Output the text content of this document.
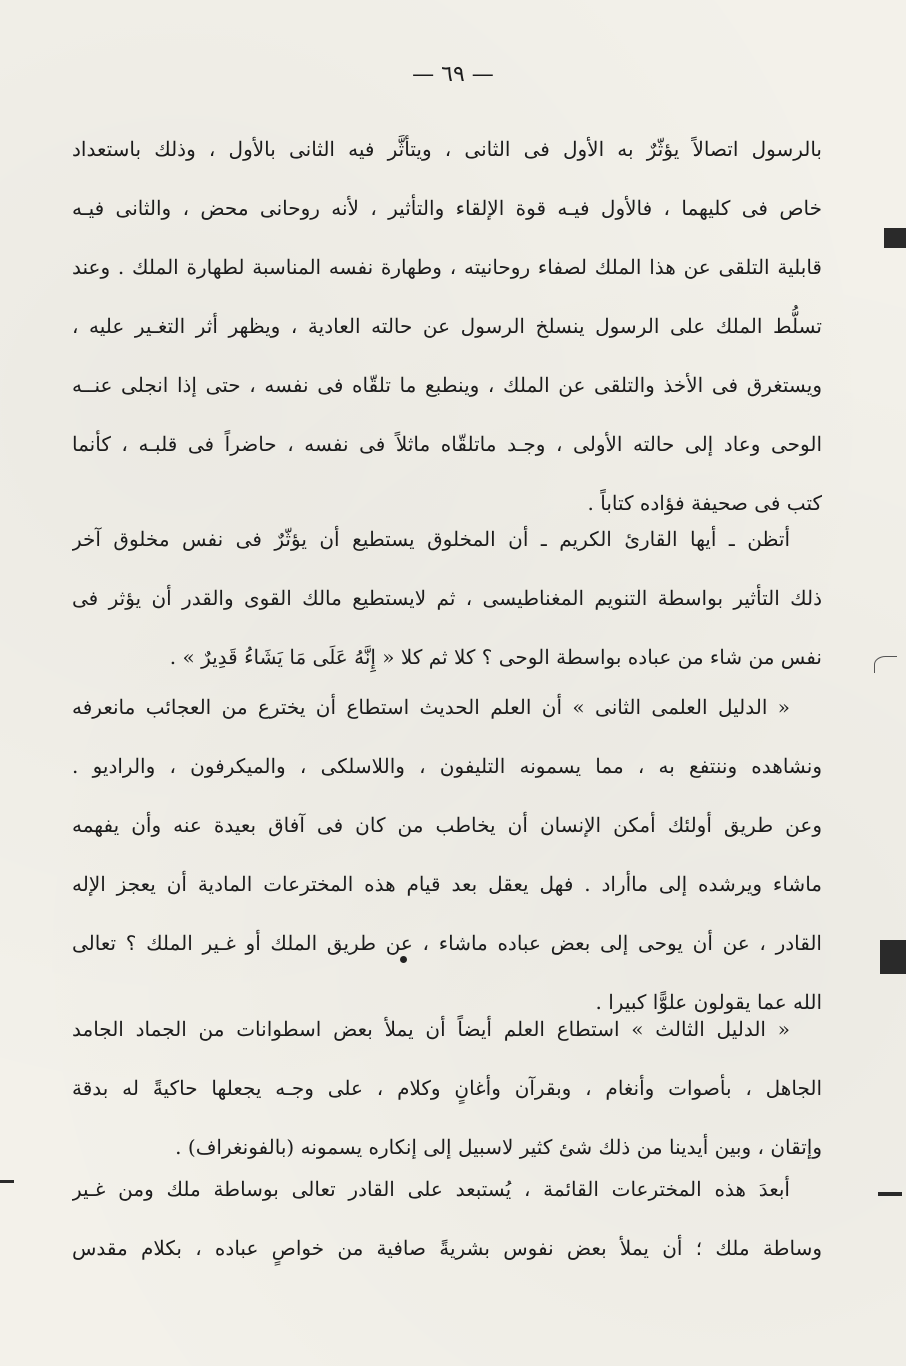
— ٦٩ —
بالرسول اتصالاً يؤثّرٌ به الأول فى الثانى ، ويتأثَّر فيه الثانى بالأول ، وذلك باستعداد
خاص فى كليهما ، فالأول فيـه قوة الإلقاء والتأثير ، لأنه روحانى محض ، والثانى فيـه
قابلية التلقى عن هذا الملك لصفاء روحانيته ، وطهارة نفسه المناسبة لطهارة الملك . وعند
تسلُّط الملك على الرسول ينسلخ الرسول عن حالته العادية ، ويظهر أثر التغـير عليه ،
ويستغرق فى الأخذ والتلقى عن الملك ، وينطبع ما تلقّاه فى نفسه ، حتى إذا انجلى عنــه
الوحى وعاد إلى حالته الأولى ، وجـد ماتلقّاه ماثلاً فى نفسه ، حاضراً فى قلبـه ، كأنما
كتب فى صحيفة فؤاده كتاباً .
أتظن ـ أيها القارئ الكريم ـ أن المخلوق يستطيع أن يؤثّرٌ فى نفس مخلوق آخر
ذلك التأثير بواسطة التنويم المغناطيسى ، ثم لايستطيع مالك القوى والقدر أن يؤثر فى
نفس من شاء من عباده بواسطة الوحى ؟ كلا ثم كلا « إِنَّهُ عَلَى مَا يَشَاءُ قَدِيرٌ » .
« الدليل العلمى الثانى » أن العلم الحديث استطاع أن يخترع من العجائب مانعرفه
ونشاهده وننتفع به ، مما يسمونه التليفون ، واللاسلكى ، والميكرفون ، والراديو .
وعن طريق أولئك أمكن الإنسان أن يخاطب من كان فى آفاق بعيدة عنه وأن يفهمه
ماشاء ويرشده إلى ماأراد . فهل يعقل بعد قيام هذه المخترعات المادية أن يعجز الإله
القادر ، عن أن يوحى إلى بعض عباده ماشاء ، عن طريق الملك أو غـير الملك ؟ تعالى
الله عما يقولون علوًّا كبيرا .
« الدليل الثالث » استطاع العلم أيضاً أن يملأ بعض اسطوانات من الجماد الجامد
الجاهل ، بأصوات وأنغام ، وبقرآن وأغانٍ وكلام ، على وجـه يجعلها حاكيةً له بدقة
وإتقان ، وبين أيدينا من ذلك شئ كثير لاسبيل إلى إنكاره يسمونه (بالفونغراف) .
أبعدَ هذه المخترعات القائمة ، يُستبعد على القادر تعالى بوساطة ملك ومن غـير
وساطة ملك ؛ أن يملأ بعض نفوس بشريةً صافية من خواصٍ عباده ، بكلام مقدس
